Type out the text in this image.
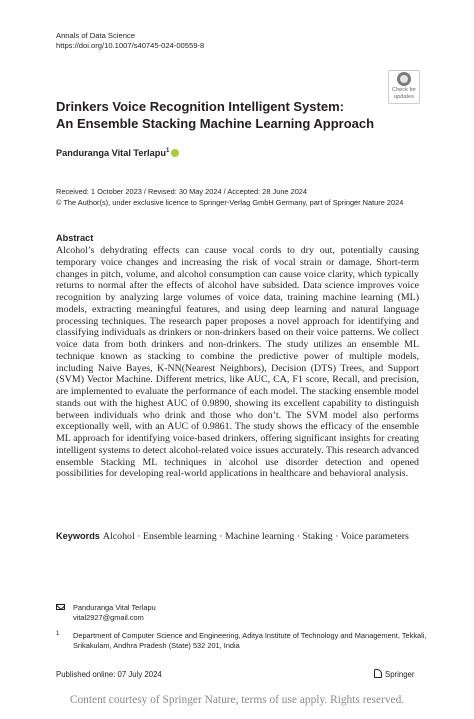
Annals of Data Science
https://doi.org/10.1007/s40745-024-00559-8
Check for
updates
Drinkers Voice Recognition Intelligent System:
An Ensemble Stacking Machine Learning Approach
Panduranga Vital Terlapu$^1$
Received: 1 October 2023 / Revised: 30 May 2024 / Accepted: 28 June 2024
© The Author(s), under exclusive licence to Springer-Verlag GmbH Germany, part of Springer Nature 2024
Abstract
Alcohol’s dehydrating effects can cause vocal cords to dry out, potentially causing temporary voice changes and increasing the risk of vocal strain or damage. Short-term changes in pitch, volume, and alcohol consumption can cause voice clarity, which typically returns to normal after the effects of alcohol have subsided. Data science improves voice recognition by analyzing large volumes of voice data, training machine learning (ML) models, extracting meaningful features, and using deep learning and natural language processing techniques. The research paper proposes a novel approach for identifying and classifying individuals as drinkers or non-drinkers based on their voice patterns. We collect voice data from both drinkers and non-drinkers. The study utilizes an ensemble ML technique known as stacking to combine the predictive power of multiple models, including Naive Bayes, K-NN(Nearest Neighbors), Decision (DTS) Trees, and Support (SVM) Vector Machine. Different metrics, like AUC, CA, F1 score, Recall, and precision, are implemented to evaluate the performance of each model. The stacking ensemble model stands out with the highest AUC of 0.9890, showing its excellent capability to distinguish between individuals who drink and those who don’t. The SVM model also performs exceptionally well, with an AUC of 0.9861. The study shows the efficacy of the ensemble ML approach for identifying voice-based drinkers, offering significant insights for creating intelligent systems to detect alcohol-related voice issues accurately. This research advanced ensemble Stacking ML techniques in alcohol use disorder detection and opened possibilities for developing real-world applications in healthcare and behavioral analysis.
Keywords Alcohol · Ensemble learning · Machine learning · Staking · Voice parameters
Panduranga Vital Terlapu
vital2927@gmail.com
1 Department of Computer Science and Engineering, Aditya Institute of Technology and Management, Tekkali, Srikakulam, Andhra Pradesh (State) 532 201, India
Published online: 07 July 2024	Springer
Content courtesy of Springer Nature, terms of use apply. Rights reserved.
